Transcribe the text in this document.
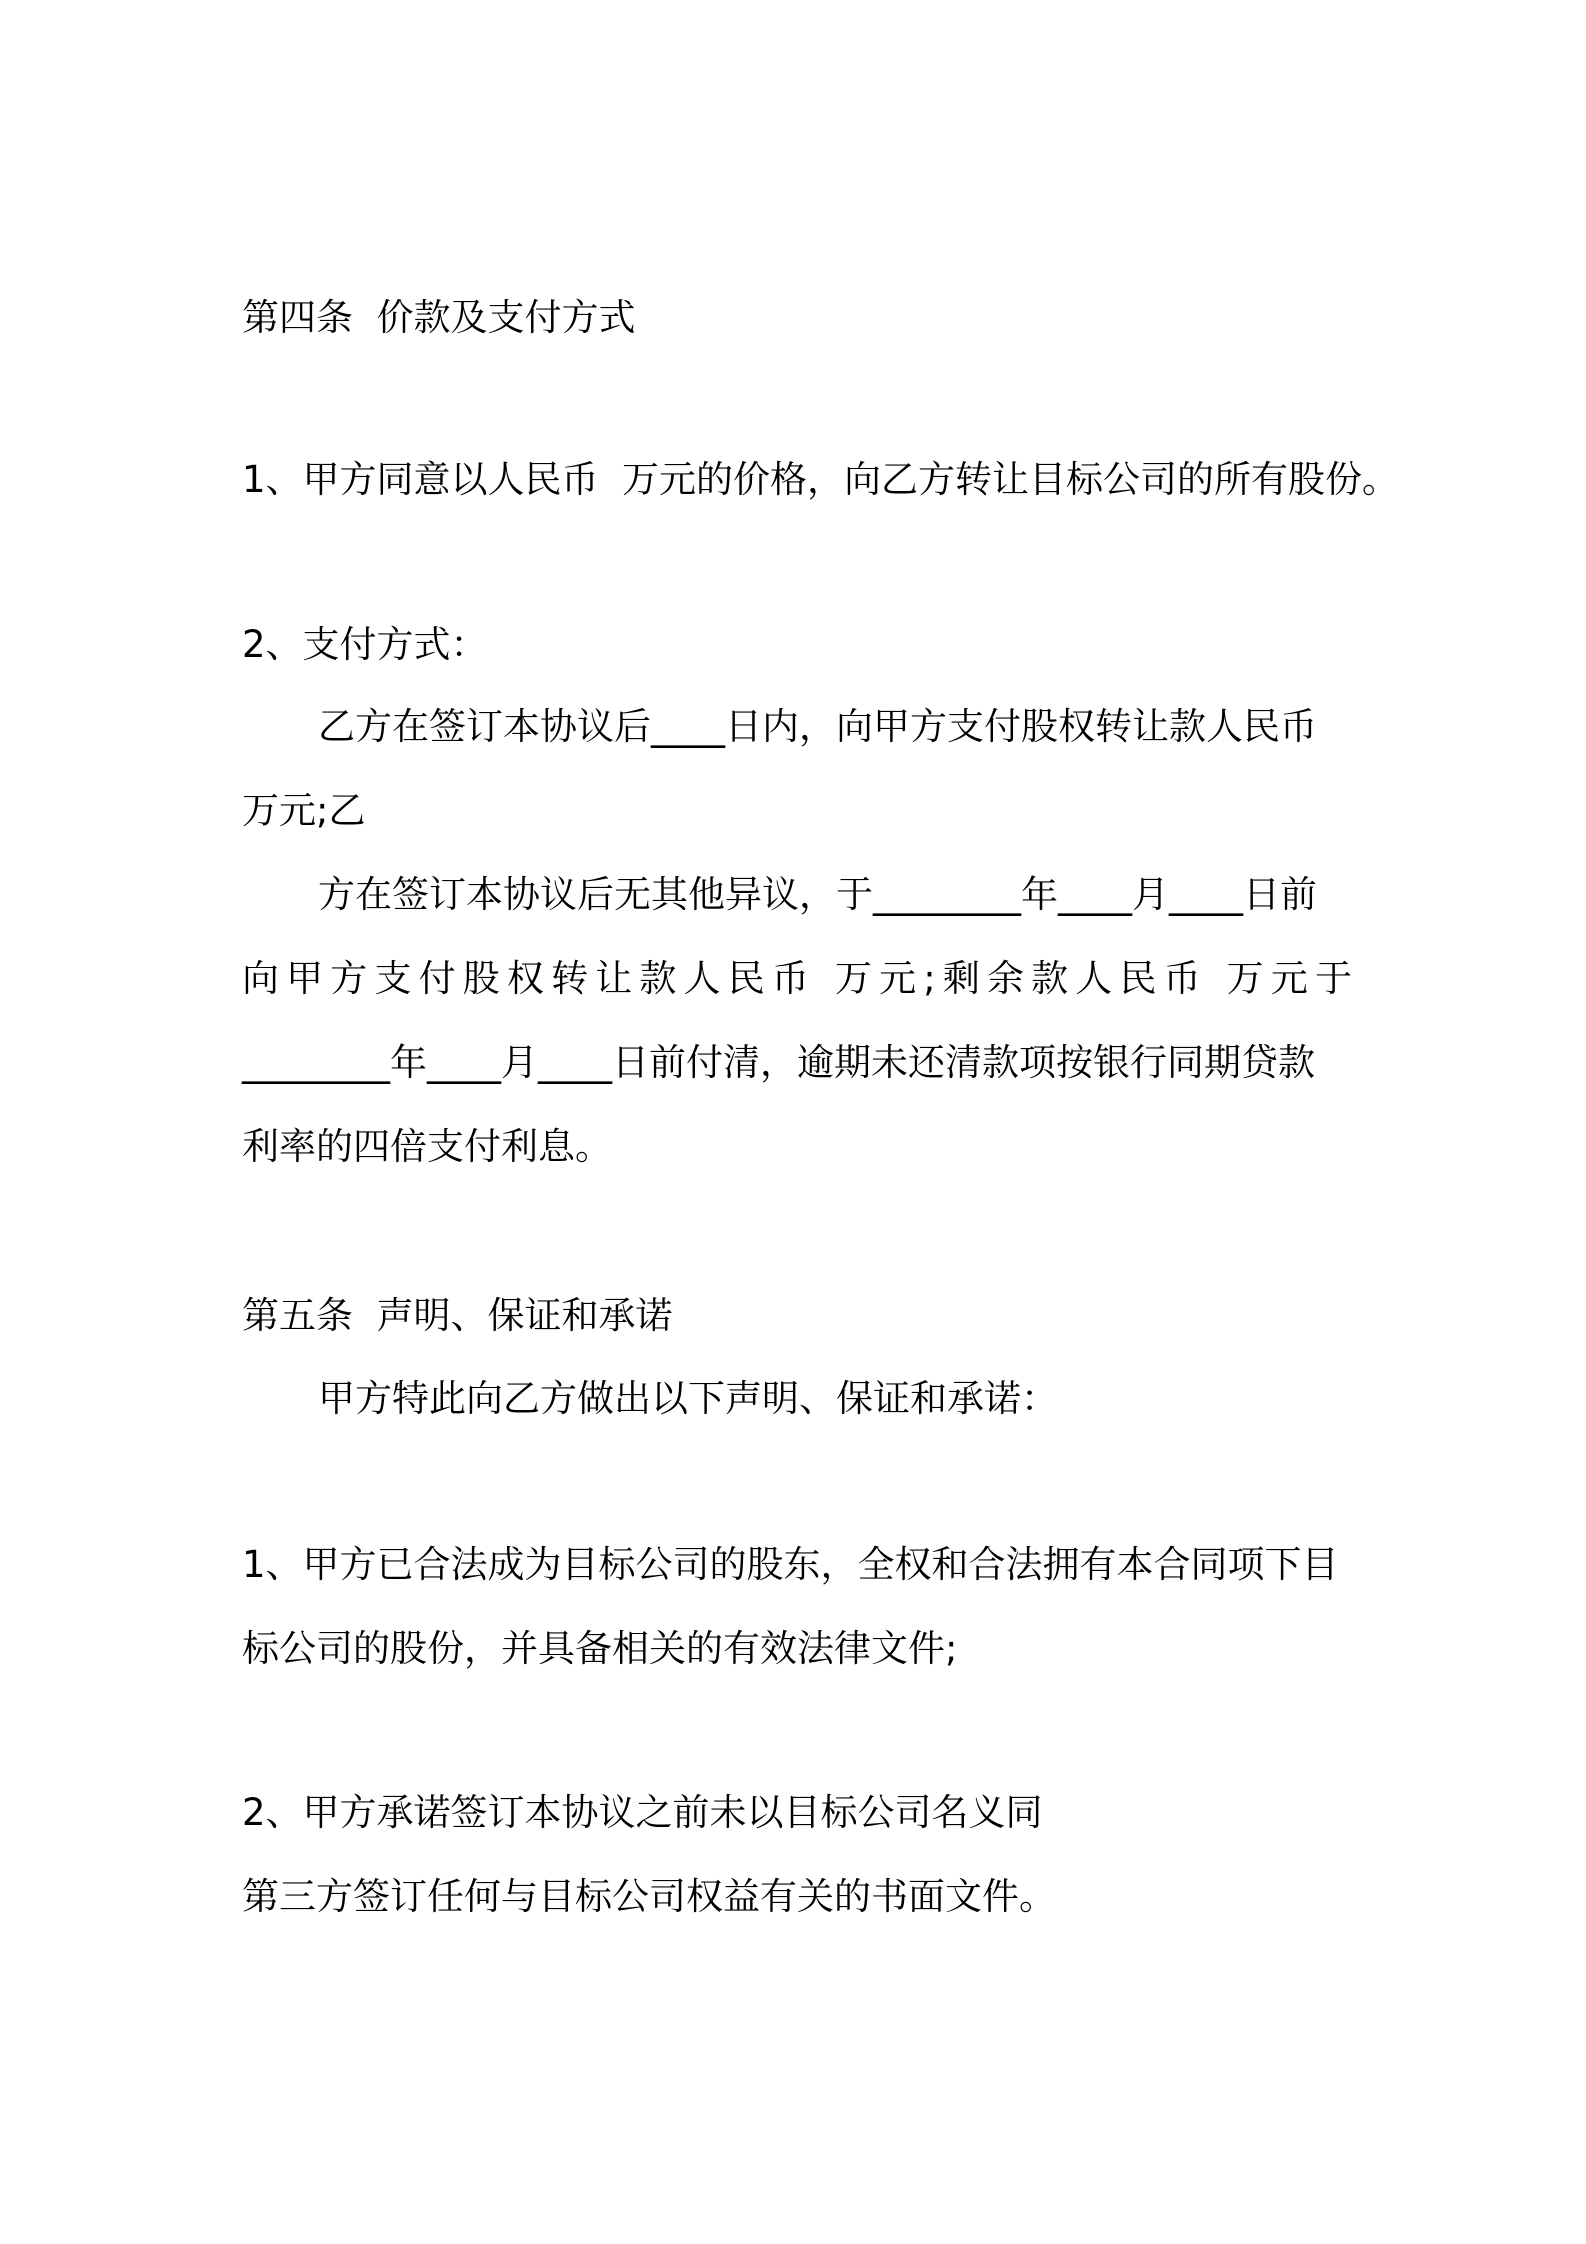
第四条  价款及支付方式
1、甲方同意以人民币  万元的价格，向乙方转让目标公司的所有股份。
2、支付方式：
乙方在签订本协议后____日内，向甲方支付股权转让款人民币
万元;乙
方在签订本协议后无其他异议，于________年____月____日前
向甲方支付股权转让款人民币 万元;剩余款人民币 万元于
________年____月____日前付清，逾期未还清款项按银行同期贷款
利率的四倍支付利息。
第五条  声明、保证和承诺
甲方特此向乙方做出以下声明、保证和承诺：
1、甲方已合法成为目标公司的股东，全权和合法拥有本合同项下目
标公司的股份，并具备相关的有效法律文件;
2、甲方承诺签订本协议之前未以目标公司名义同
第三方签订任何与目标公司权益有关的书面文件。
